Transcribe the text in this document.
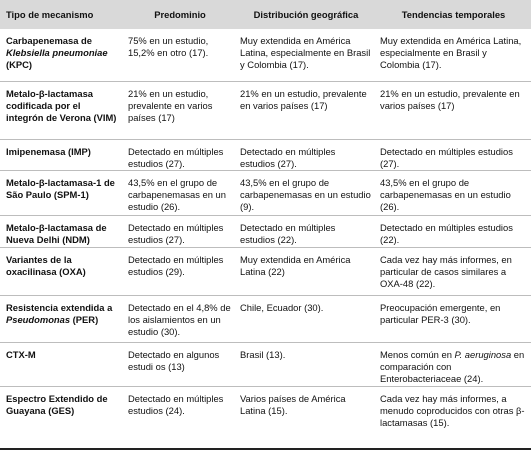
Tipo de mecanismo	Predominio	Distribución geográfica	Tendencias temporales
Carbapenemasa de Klebsiella pneumoniae (KPC)	75% en un estudio, 15,2% en otro (17).	Muy extendida en América Latina, especialmente en Brasil y Colombia (17).	Muy extendida en América Latina, especialmente en Brasil y Colombia (17).
Metalo-β-lactamasa codificada por el integrón de Verona (VIM)	21% en un estudio, prevalente en varios países (17)	21% en un estudio, prevalente en varios países (17)	21% en un estudio, prevalente en varios países (17)
Imipenemasa (IMP)	Detectado en múltiples estudios (27).	Detectado en múltiples estudios (27).	Detectado en múltiples estudios (27).
Metalo-β-lactamasa-1 de São Paulo (SPM-1)	43,5% en el grupo de carbapenemasas en un estudio (26).	43,5% en el grupo de carbapenemasas en un estudio (9).	43,5% en el grupo de carbapenemasas en un estudio (26).
Metalo-β-lactamasa de Nueva Delhi (NDM)	Detectado en múltiples estudios (27).	Detectado en múltiples estudios (22).	Detectado en múltiples estudios (22).
Variantes de la oxacilinasa (OXA)	Detectado en múltiples estudios (29).	Muy extendida en América Latina (22)	Cada vez hay más informes, en particular de casos similares a OXA-48 (22).
Resistencia extendida a Pseudomonas (PER)	Detectado en el 4,8% de los aislamientos en un estudio (30).	Chile, Ecuador (30).	Preocupación emergente, en particular PER-3 (30).
CTX-M	Detectado en algunos estudi os (13)	Brasil (13).	Menos común en P. aeruginosa en comparación con Enterobacteriaceae (24).
Espectro Extendido de Guayana (GES)	Detectado en múltiples estudios (24).	Varios países de América Latina (15).	Cada vez hay más informes, a menudo coproducidos con otras β- lactamasas (15).
